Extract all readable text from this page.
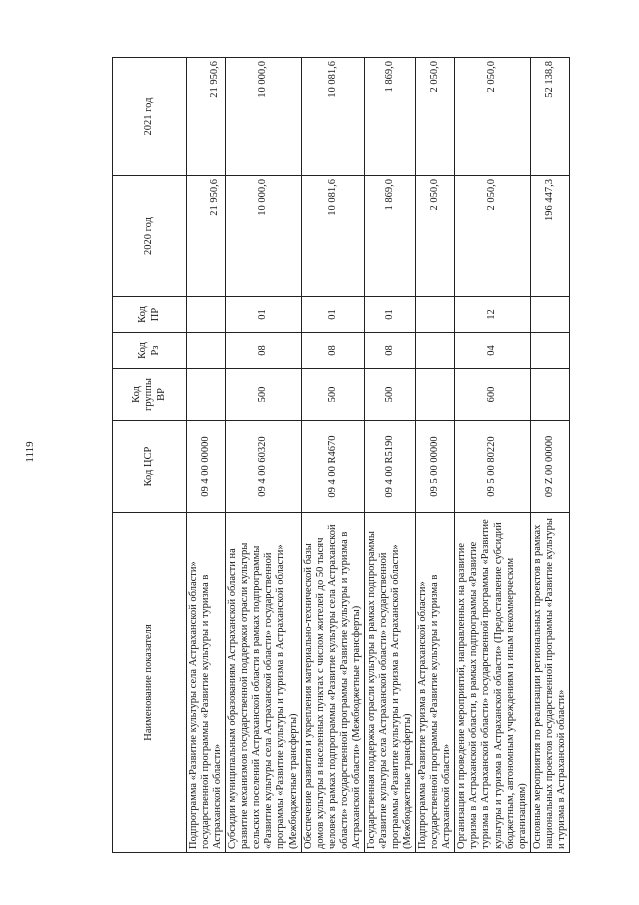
1119
Наименование показателя	Код ЦСР	Код группы ВР	Код Рз	Код ПР	2020 год	2021 год
Подпрограмма «Развитие культуры села Астраханской области» государственной программы «Развитие культуры и туризма в Астраханской области»	09 4 00 00000				21 950,6	21 950,6
Субсидии муниципальным образованиям Астраханской области на развитие механизмов государственной поддержки отрасли культуры сельских поселений Астраханской области в рамках подпрограммы «Развитие культуры села Астраханской области» государственной программы «Развитие культуры и туризма в Астраханской области» (Межбюджетные трансферты)	09 4 00 60320	500	08	01	10 000,0	10 000,0
Обеспечение развития и укрепления материально-технической базы домов культуры в населенных пунктах с числом жителей до 50 тысяч человек в рамках подпрограммы «Развитие культуры села Астраханской области» государственной программы «Развитие культуры и туризма в Астраханской области» (Межбюджетные трансферты)	09 4 00 R4670	500	08	01	10 081,6	10 081,6
Государственная поддержка отрасли культуры в рамках подпрограммы «Развитие культуры села Астраханской области» государственной программы «Развитие культуры и туризма в Астраханской области» (Межбюджетные трансферты)	09 4 00 R5190	500	08	01	1 869,0	1 869,0
Подпрограмма «Развитие туризма в Астраханской области» государственной программы «Развитие культуры и туризма в Астраханской области»	09 5 00 00000				2 050,0	2 050,0
Организация и проведение мероприятий, направленных на развитие туризма в Астраханской области, в рамках подпрограммы «Развитие туризма в Астраханской области» государственной программы «Развитие культуры и туризма в Астраханской области» (Предоставление субсидий бюджетным, автономным учреждениям и иным некоммерческим организациям)	09 5 00 80220	600	04	12	2 050,0	2 050,0
Основные мероприятия по реализации региональных проектов в рамках национальных проектов государственной программы «Развитие культуры и туризма в Астраханской области»	09 Z 00 00000				196 447,3	52 138,8
